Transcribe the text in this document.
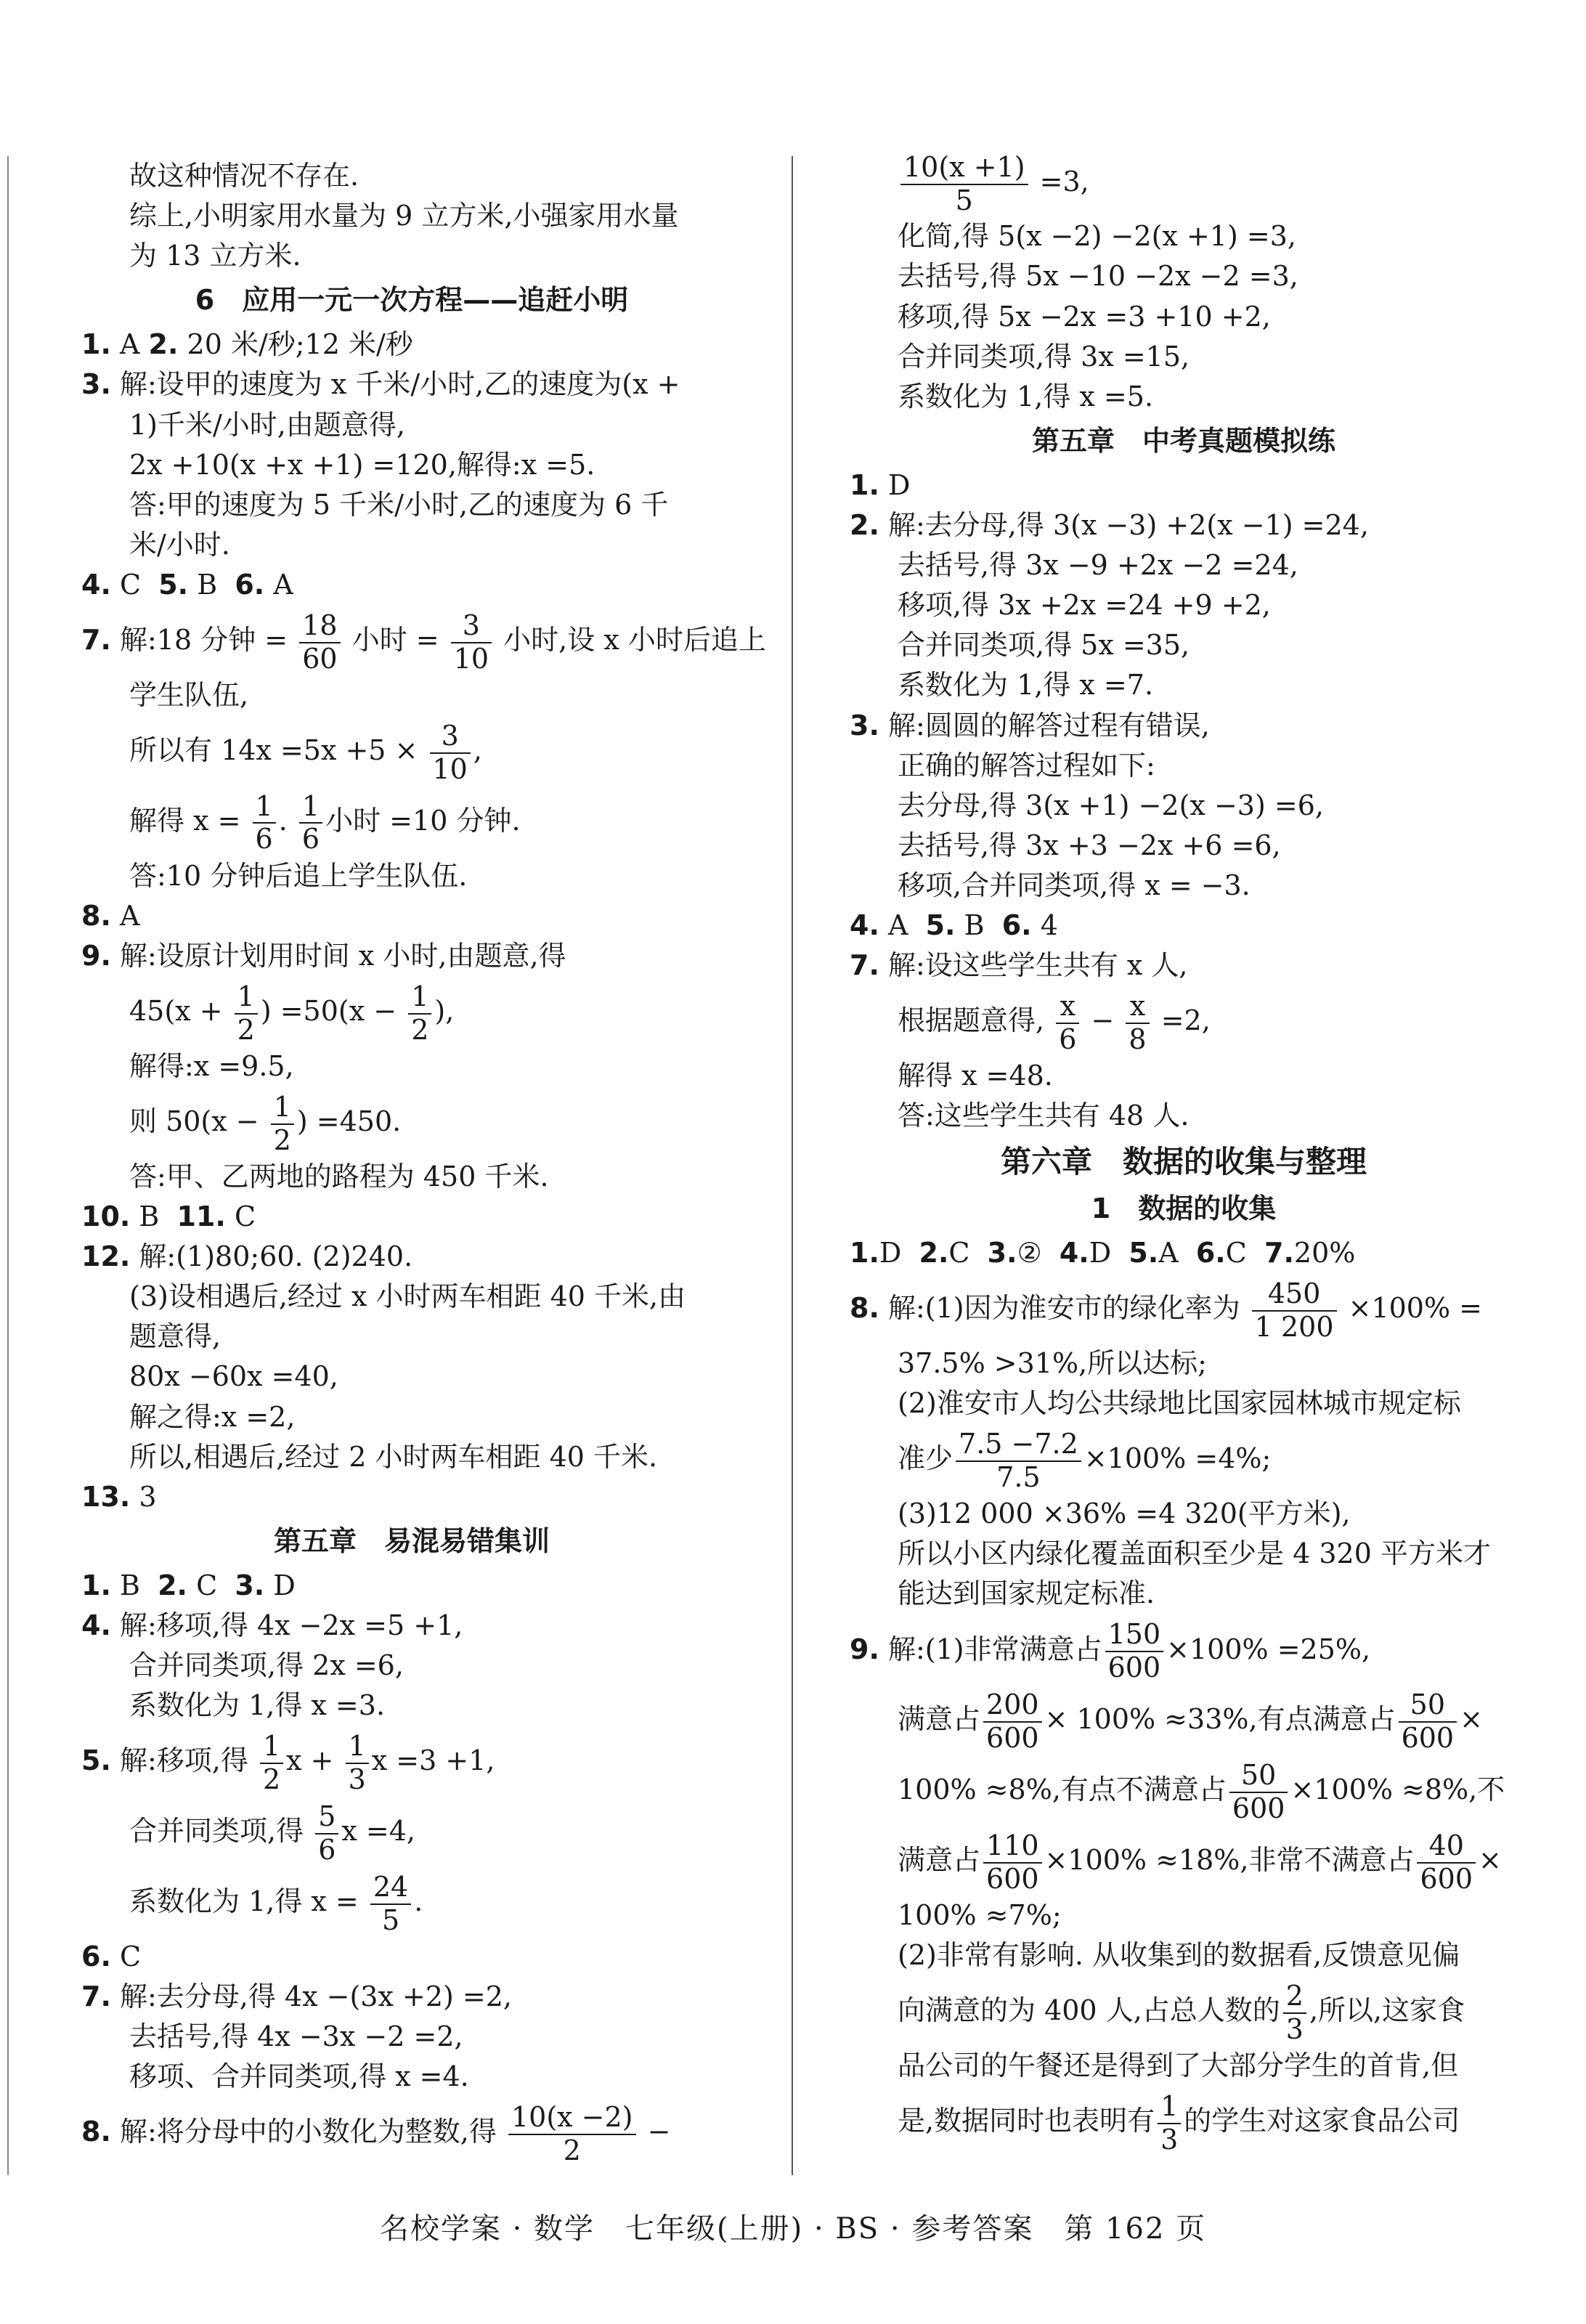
故这种情况不存在.

综上,小明家用水量为 9 立方米,小强家用水量

为 13 立方米.

6　应用一元一次方程——追赶小明

1. A 2. 20 米/秒;12 米/秒

3. 解:设甲的速度为 x 千米/小时,乙的速度为(x +

1)千米/小时,由题意得,

2x +10(x +x +1) =120,解得:x =5.

答:甲的速度为 5 千米/小时,乙的速度为 6 千

米/小时.

4. C 5. B 6. A

7. 解:18 分钟 = $\frac{18}{60}$ 小时 = $\frac{3}{10}$ 小时,设 x 小时后追上

学生队伍,

所以有 $14x =5x +5 \times \frac{3}{10}$ ,

解得 $x = \frac{1}{6}$ . $\frac{1}{6}$ 小时 =10 分钟.

答:10 分钟后追上学生队伍.

8. A

9. 解:设原计划用时间 x 小时,由题意,得

$45(x + \frac{1}{2}$ ) $=50(x - \frac{1}{2}$ ),

解得:x =9.5,

则 $50(x - \frac{1}{2}$ ) =450.

答:甲、乙两地的路程为 450 千米.

10. B 11. C

12. 解:(1)80;60. (2)240.

(3)设相遇后,经过 x 小时两车相距 40 千米,由

题意得,

80x −60x =40,

解之得:x =2,

所以,相遇后,经过 2 小时两车相距 40 千米.

13. 3

第五章　易混易错集训

1. B 2. C 3. D

4. 解:移项,得 4x −2x =5 +1,

合并同类项,得 2x =6,

系数化为 1,得 x =3.

5. 解:移项,得 $\frac{1}{2}$ $x + \frac{1}{3}$ x =3 +1,

合并同类项,得 $\frac{5}{6}$ x =4,

系数化为 1,得 $x = \frac{24}{5}$ .

6. C

7. 解:去分母,得 4x −(3x +2) =2,

去括号,得 4x −3x −2 =2,

移项、合并同类项,得 x =4.

8. 解:将分母中的小数化为整数,得 $\frac{10(x -2)}{2}$ −

$\frac{10(x +1)}{5} =3$,

化简,得 5(x −2) −2(x +1) =3,

去括号,得 5x −10 −2x −2 =3,

移项,得 5x −2x =3 +10 +2,

合并同类项,得 3x =15,

系数化为 1,得 x =5.

第五章　中考真题模拟练

1. D

2. 解:去分母,得 3(x −3) +2(x −1) =24,

去括号,得 3x −9 +2x −2 =24,

移项,得 3x +2x =24 +9 +2,

合并同类项,得 5x =35,

系数化为 1,得 x =7.

3. 解:圆圆的解答过程有错误,

正确的解答过程如下:

去分母,得 3(x +1) −2(x −3) =6,

去括号,得 3x +3 −2x +6 =6,

移项,合并同类项,得 x = −3.

4. A 5. B 6. 4

7. 解:设这些学生共有 x 人,

根据题意得, $\frac{x}{6} - \frac{x}{8} =2$,

解得 x =48.

答:这些学生共有 48 人.

第六章　数据的收集与整理

1　数据的收集

1.D 2.C 3.② 4.D 5.A 6.C 7.20%

8. 解:(1)因为淮安市的绿化率为 $\frac{450}{1 200} \times 100\%$ =

37.5% >31%,所以达标;

(2)淮安市人均公共绿地比国家园林城市规定标

准少 $\frac{7.5 -7.2}{7.5} \times 100\% =4\%$;

(3)12 000 ×36% =4 320(平方米),

所以小区内绿化覆盖面积至少是 4 320 平方米才

能达到国家规定标准.

9. 解:(1)非常满意占 $\frac{150}{600} \times 100\% =25\%$,

满意占 $\frac{200}{600} \times 100\% \approx 33\%$,有点满意占 $\frac{50}{600}$ ×

100% ≈8%,有点不满意占 $\frac{50}{600} \times 100\% \approx 8\%$,不

满意占 $\frac{110}{600} \times 100\% \approx 18\%$,非常不满意占 $\frac{40}{600}$ ×

100% ≈7%;

(2)非常有影响. 从收集到的数据看,反馈意见偏

向满意的为 400 人,占总人数的 $\frac{2}{3}$ ,所以,这家食

品公司的午餐还是得到了大部分学生的首肯,但

是,数据同时也表明有 $\frac{1}{3}$ 的学生对这家食品公司

名校学案 · 数学　七年级(上册) · BS · 参考答案　第 162 页
